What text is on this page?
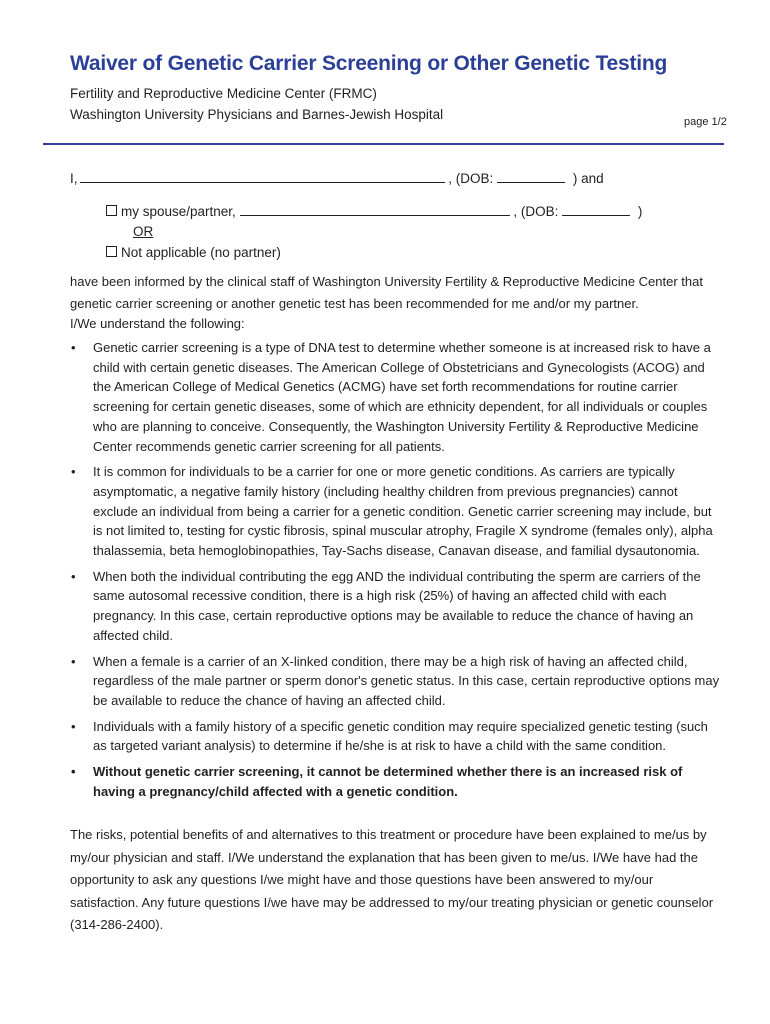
Waiver of Genetic Carrier Screening or Other Genetic Testing
Fertility and Reproductive Medicine Center (FRMC)
Washington University Physicians and Barnes-Jewish Hospital	page 1/2
I,	, (DOB:	) and
my spouse/partner,	, (DOB:	)
OR
Not applicable (no partner)

have been informed by the clinical staff of Washington University Fertility & Reproductive Medicine Center that

genetic carrier screening or another genetic test has been recommended for me and/or my partner.

I/We understand the following:

• Genetic carrier screening is a type of DNA test to determine whether someone is at increased risk to have a child with certain genetic diseases. The American College of Obstetricians and Gynecologists (ACOG) and the American College of Medical Genetics (ACMG) have set forth recommendations for routine carrier screening for certain genetic diseases, some of which are ethnicity dependent, for all individuals or couples who are planning to conceive. Consequently, the Washington University Fertility & Reproductive Medicine Center recommends genetic carrier screening for all patients.
• It is common for individuals to be a carrier for one or more genetic conditions. As carriers are typically asymptomatic, a negative family history (including healthy children from previous pregnancies) cannot exclude an individual from being a carrier for a genetic condition. Genetic carrier screening may include, but is not limited to, testing for cystic fibrosis, spinal muscular atrophy, Fragile X syndrome (females only), alpha thalassemia, beta hemoglobinopathies, Tay-Sachs disease, Canavan disease, and familial dysautonomia.
• When both the individual contributing the egg AND the individual contributing the sperm are carriers of the same autosomal recessive condition, there is a high risk (25%) of having an affected child with each pregnancy. In this case, certain reproductive options may be available to reduce the chance of having an affected child.
• When a female is a carrier of an X-linked condition, there may be a high risk of having an affected child, regardless of the male partner or sperm donor's genetic status. In this case, certain reproductive options may be available to reduce the chance of having an affected child.
• Individuals with a family history of a specific genetic condition may require specialized genetic testing (such as targeted variant analysis) to determine if he/she is at risk to have a child with the same condition.
• Without genetic carrier screening, it cannot be determined whether there is an increased risk of having a pregnancy/child affected with a genetic condition.

The risks, potential benefits of and alternatives to this treatment or procedure have been explained to me/us by my/our physician and staff. I/We understand the explanation that has been given to me/us. I/We have had the opportunity to ask any questions I/we might have and those questions have been answered to my/our satisfaction. Any future questions I/we have may be addressed to my/our treating physician or genetic counselor (314-286-2400).
